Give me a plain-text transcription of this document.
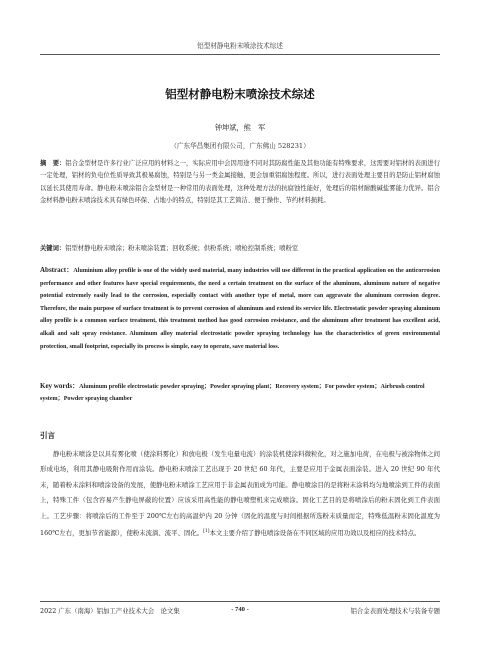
铝型材静电粉末喷涂技术综述
铝型材静电粉末喷涂技术综述
钟坤斌，熊　军
（广东华昌集团有限公司，广东佛山 528231）
摘　要：铝合金型材是许多行业广泛应用的材料之一，实际应用中会因用途不同对其防腐性能及其他功能有特殊要求，这需要对铝材的表面进行一定处理，铝材的负电位性质导致其极易腐蚀，特别是与另一类金属接触，更会加重铝腐蚀程度。所以，进行表面处理主要目的是防止铝材腐蚀以延长其使用寿命。静电粉末喷涂铝合金型材是一种常用的表面处理，这种处理方法的抗腐蚀性能好，处理后的铝材耐酸碱盐雾能力优异。铝合金材料静电粉末喷涂技术具有绿色环保、占地小的特点，特别是其工艺简洁、便于操作、节约材料损耗。
关键词：铝型材静电粉末喷涂；粉末喷涂装置；回收系统；供粉系统；喷枪控制系统；喷粉室
Abstract：Aluminium alloy profile is one of the widely used material, many industries will use different in the practical application on the anticorrosion performance and other features have special requirements, the need a certain treatment on the surface of the aluminum, aluminum nature of negative potential extremely easily lead to the corrosion, especially contact with another type of metal, more can aggravate the aluminum corrosion degree. Therefore, the main purpose of surface treatment is to prevent corrosion of aluminum and extend its service life. Electrostatic powder spraying aluminum alloy profile is a common surface treatment, this treatment method has good corrosion resistance, and the aluminum after treatment has excellent acid, alkali and salt spray resistance. Aluminum alloy material electrostatic powder spraying technology has the characteristics of green environmental protection, small footprint, especially its process is simple, easy to operate, save material loss.
Key words：Aluminum profile electrostatic powder spraying；Powder spraying plant；Recovery system；For powder system；Airbrush control system；Powder spraying chamber
引言
静电粉末喷涂是以具有雾化喷（使涂料雾化）和放电极（发生电量电流）的涂装机使涂料微粒化，对之施加电荷，在电极与被涂物体之间形成电场，利用其静电吸附作用而涂装。静电粉末喷涂工艺出现于 20 世纪 60 年代，主要是应用于金属表面涂装。进入 20 世纪 90 年代末，随着粉末涂料和喷涂设备的发展，使静电粉末喷涂工艺应用于非金属表面成为可能。静电喷涂目的是将粉末涂料均匀地喷涂到工件的表面上，特殊工件（包含容易产生静电屏蔽的位置）应该采用高性能的静电喷塑机来完成喷涂。固化工艺目的是将喷涂后的粉末固化到工件表面上。工艺步骤：将喷涂后的工件至于 200℃左右的高温炉内 20 分钟（固化的温度与时间根据所选粉末质量而定，特殊低温粉末固化温度为 160℃左右，更加节省能源），使粉末流淌、流平、固化。[1]本文主要介绍了静电喷涂设备在不同区域的应用功效以及相应的技术特点。
2022 广东（南海）铝加工产业技术大会　论文集	- 740 -	铝合金表面处理技术与装备专题
